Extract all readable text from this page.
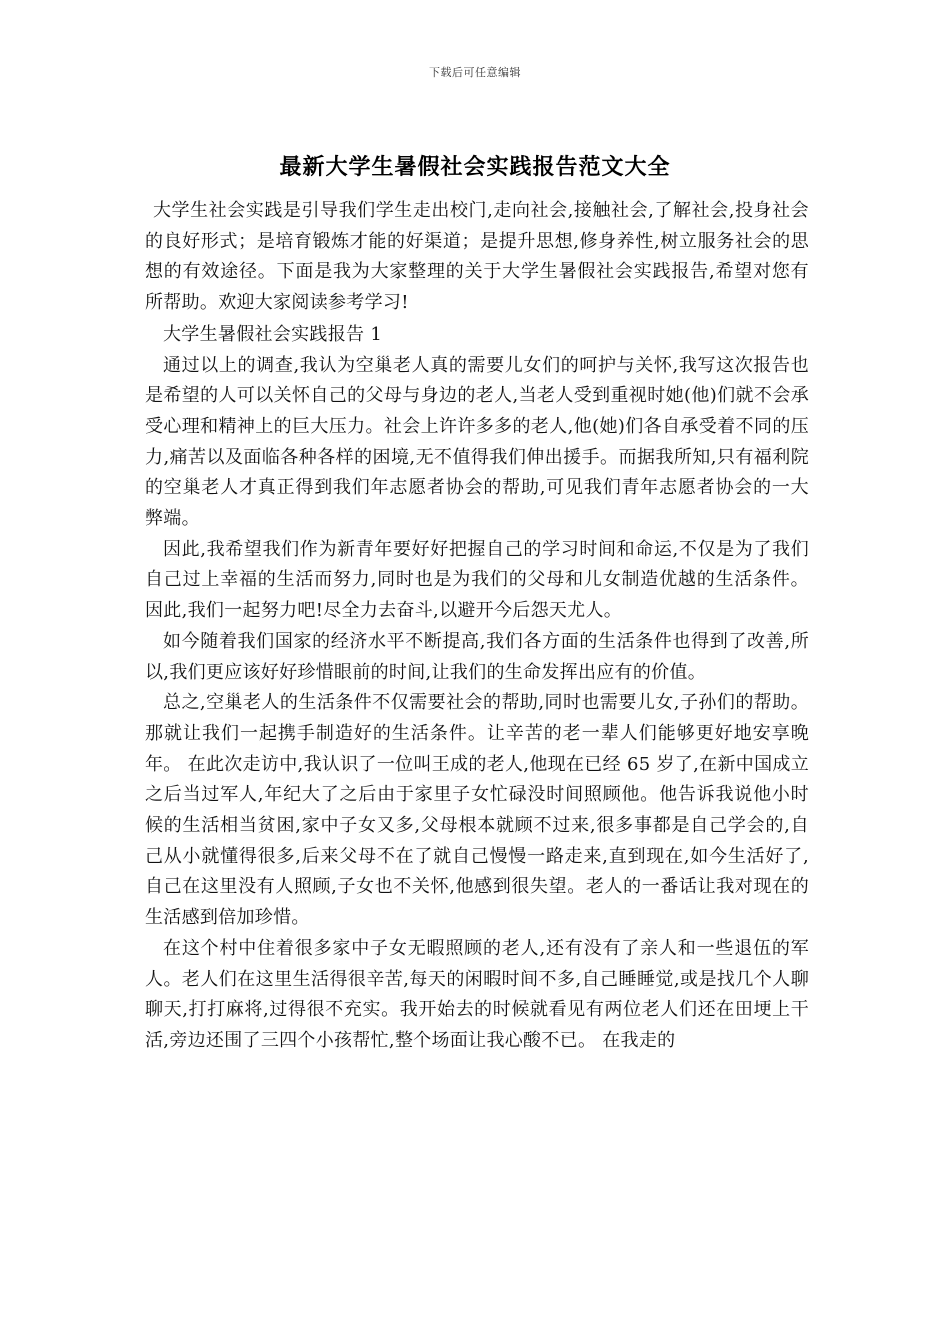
下载后可任意编辑
最新大学生暑假社会实践报告范文大全

大学生社会实践是引导我们学生走出校门,走向社会,接触社会,了解社会,投身社会的良好形式；是培育锻炼才能的好渠道；是提升思想,修身养性,树立服务社会的思想的有效途径。下面是我为大家整理的关于大学生暑假社会实践报告,希望对您有所帮助。欢迎大家阅读参考学习!

大学生暑假社会实践报告 1

通过以上的调查,我认为空巢老人真的需要儿女们的呵护与关怀,我写这次报告也是希望的人可以关怀自己的父母与身边的老人,当老人受到重视时她(他)们就不会承受心理和精神上的巨大压力。社会上许许多多的老人,他(她)们各自承受着不同的压力,痛苦以及面临各种各样的困境,无不值得我们伸出援手。而据我所知,只有福利院的空巢老人才真正得到我们年志愿者协会的帮助,可见我们青年志愿者协会的一大弊端。

因此,我希望我们作为新青年要好好把握自己的学习时间和命运,不仅是为了我们自己过上幸福的生活而努力,同时也是为我们的父母和儿女制造优越的生活条件。因此,我们一起努力吧!尽全力去奋斗,以避开今后怨天尤人。

如今随着我们国家的经济水平不断提高,我们各方面的生活条件也得到了改善,所以,我们更应该好好珍惜眼前的时间,让我们的生命发挥出应有的价值。

总之,空巢老人的生活条件不仅需要社会的帮助,同时也需要儿女,子孙们的帮助。那就让我们一起携手制造好的生活条件。让辛苦的老一辈人们能够更好地安享晚年。 在此次走访中,我认识了一位叫王成的老人,他现在已经 65 岁了,在新中国成立之后当过军人,年纪大了之后由于家里子女忙碌没时间照顾他。他告诉我说他小时候的生活相当贫困,家中子女又多,父母根本就顾不过来,很多事都是自己学会的,自己从小就懂得很多,后来父母不在了就自己慢慢一路走来,直到现在,如今生活好了,自己在这里没有人照顾,子女也不关怀,他感到很失望。老人的一番话让我对现在的生活感到倍加珍惜。

在这个村中住着很多家中子女无暇照顾的老人,还有没有了亲人和一些退伍的军人。老人们在这里生活得很辛苦,每天的闲暇时间不多,自己睡睡觉,或是找几个人聊聊天,打打麻将,过得很不充实。我开始去的时候就看见有两位老人们还在田埂上干活,旁边还围了三四个小孩帮忙,整个场面让我心酸不已。 在我走的
